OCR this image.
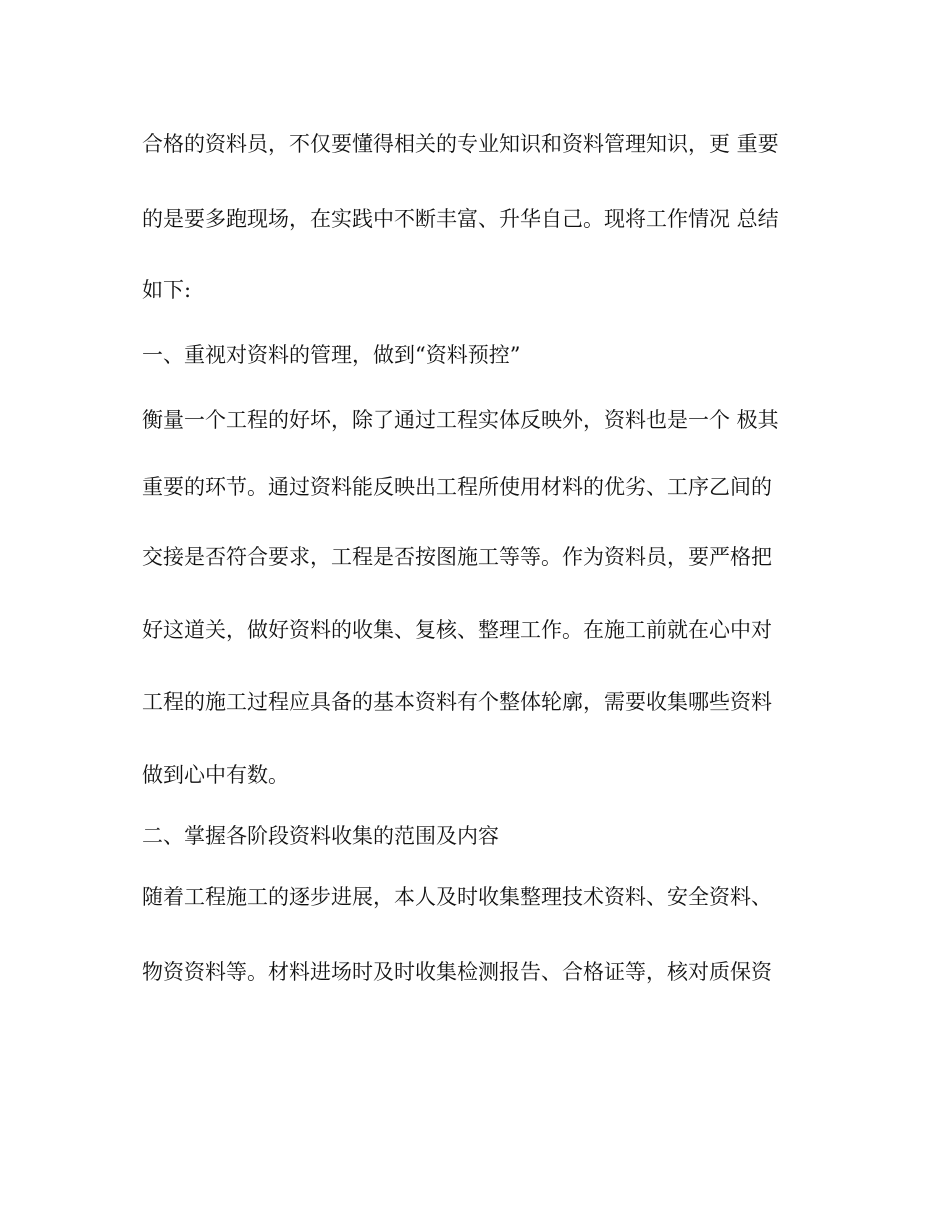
合格的资料员，不仅要懂得相关的专业知识和资料管理知识，更 重要
的是要多跑现场，在实践中不断丰富、升华自己。现将工作情况 总结
如下:
一、重视对资料的管理，做到“资料预控”
衡量一个工程的好坏，除了通过工程实体反映外，资料也是一个 极其
重要的环节。通过资料能反映出工程所使用材料的优劣、工序乙间的
交接是否符合要求，工程是否按图施工等等。作为资料员，要严格把
好这道关，做好资料的收集、复核、整理工作。在施工前就在心中对
工程的施工过程应具备的基本资料有个整体轮廓，需要收集哪些资料
做到心中有数。
二、掌握各阶段资料收集的范围及内容
随着工程施工的逐步进展，本人及时收集整理技术资料、安全资料、
物资资料等。材料进场时及时收集检测报告、合格证等，核对质保资
